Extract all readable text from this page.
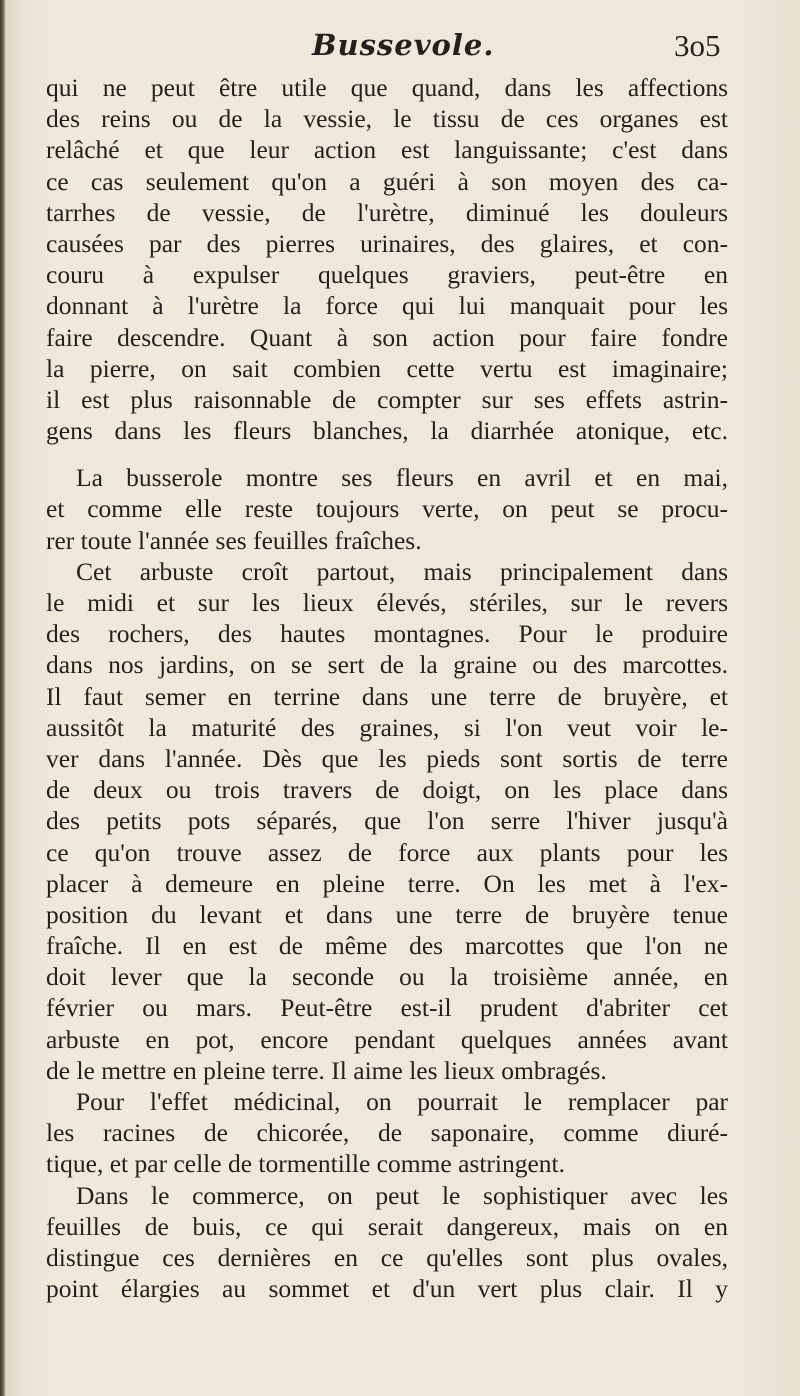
Bussevole.	3o5
qui ne peut être utile que quand, dans les affections
des reins ou de la vessie, le tissu de ces organes est
relâché et que leur action est languissante; c'est dans
ce cas seulement qu'on a guéri à son moyen des ca-
tarrhes de vessie, de l'urètre, diminué les douleurs
causées par des pierres urinaires, des glaires, et con-
couru à expulser quelques graviers, peut-être en
donnant à l'urètre la force qui lui manquait pour les
faire descendre. Quant à son action pour faire fondre
la pierre, on sait combien cette vertu est imaginaire;
il est plus raisonnable de compter sur ses effets astrin-
gens dans les fleurs blanches, la diarrhée atonique, etc.
La busserole montre ses fleurs en avril et en mai,
et comme elle reste toujours verte, on peut se procu-
rer toute l'année ses feuilles fraîches.
Cet arbuste croît partout, mais principalement dans
le midi et sur les lieux élevés, stériles, sur le revers
des rochers, des hautes montagnes. Pour le produire
dans nos jardins, on se sert de la graine ou des marcottes.
Il faut semer en terrine dans une terre de bruyère, et
aussitôt la maturité des graines, si l'on veut voir le-
ver dans l'année. Dès que les pieds sont sortis de terre
de deux ou trois travers de doigt, on les place dans
des petits pots séparés, que l'on serre l'hiver jusqu'à
ce qu'on trouve assez de force aux plants pour les
placer à demeure en pleine terre. On les met à l'ex-
position du levant et dans une terre de bruyère tenue
fraîche. Il en est de même des marcottes que l'on ne
doit lever que la seconde ou la troisième année, en
février ou mars. Peut-être est-il prudent d'abriter cet
arbuste en pot, encore pendant quelques années avant
de le mettre en pleine terre. Il aime les lieux ombragés.
Pour l'effet médicinal, on pourrait le remplacer par
les racines de chicorée, de saponaire, comme diuré-
tique, et par celle de tormentille comme astringent.
Dans le commerce, on peut le sophistiquer avec les
feuilles de buis, ce qui serait dangereux, mais on en
distingue ces dernières en ce qu'elles sont plus ovales,
point élargies au sommet et d'un vert plus clair. Il y
